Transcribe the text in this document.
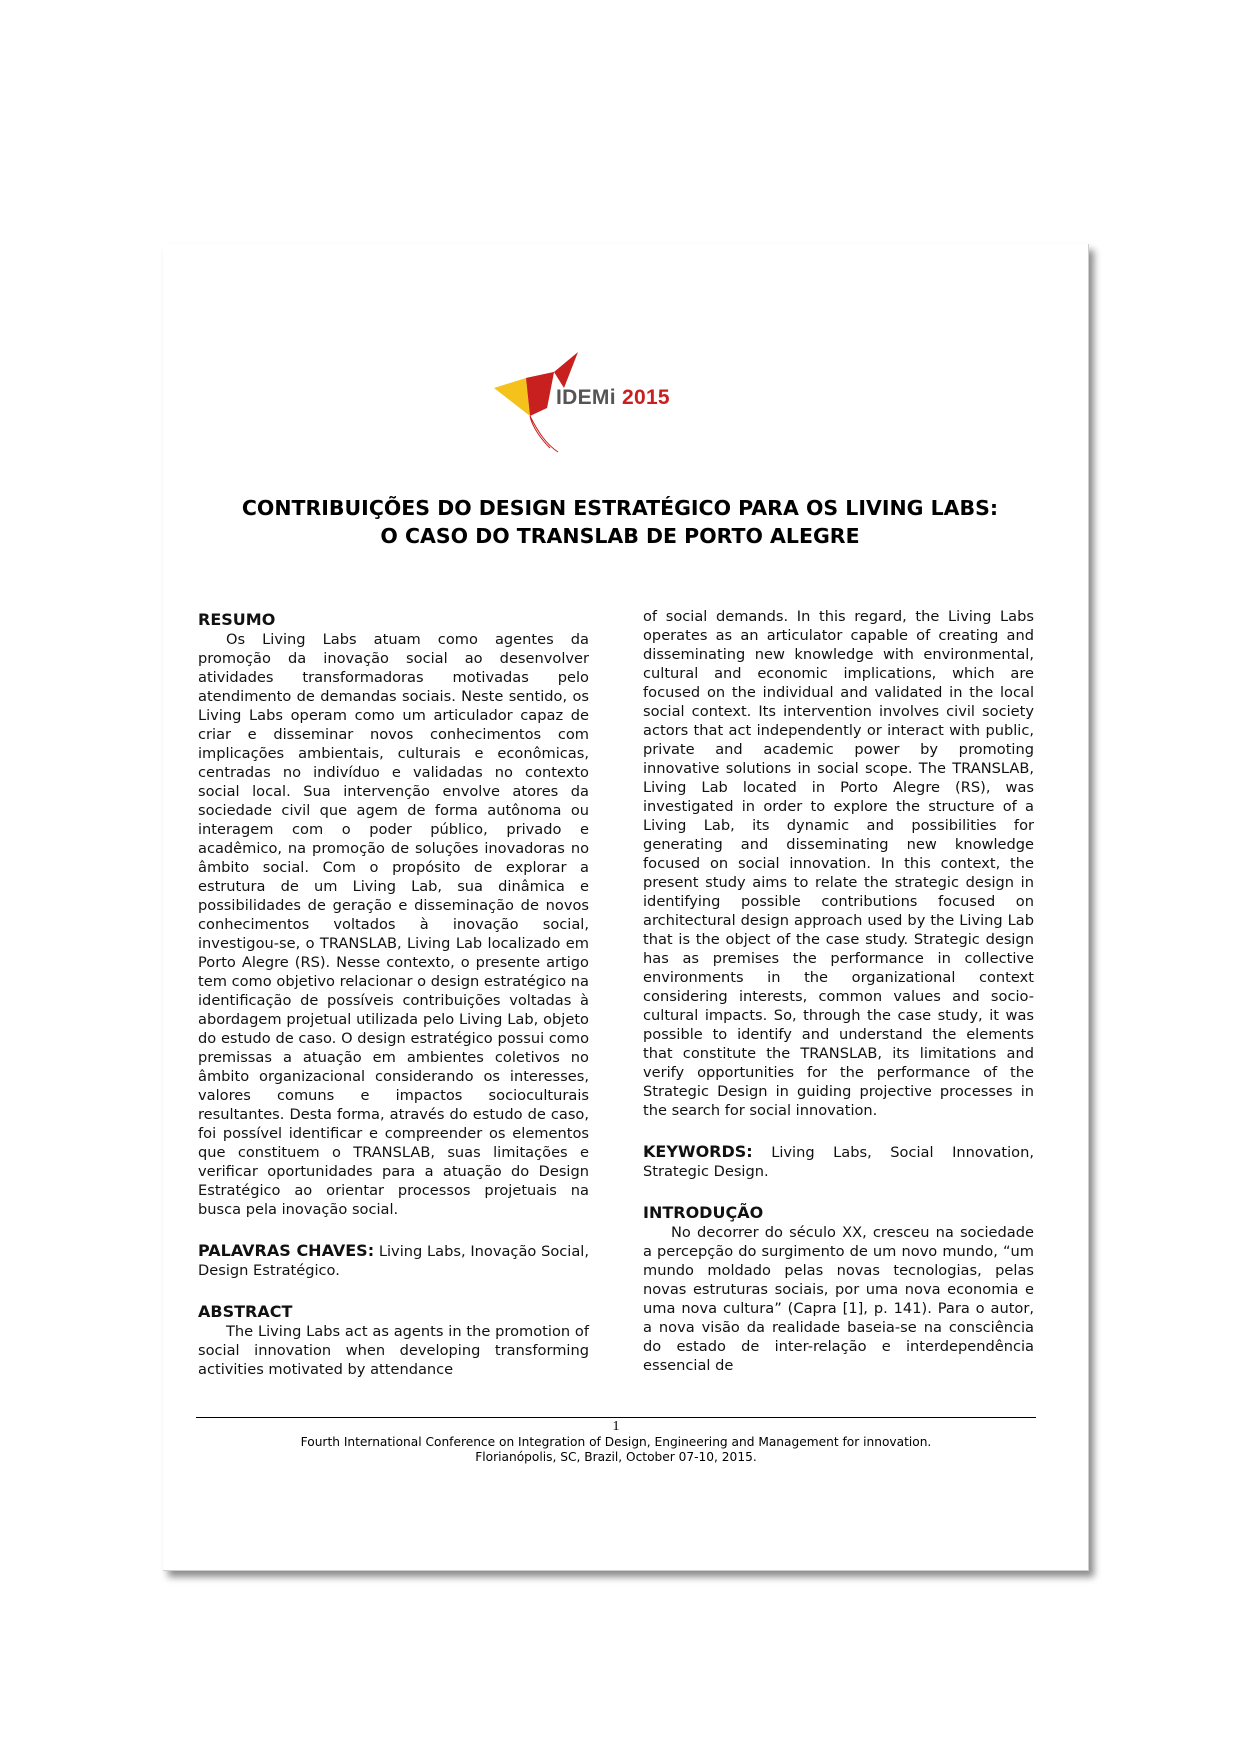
IDEMi 2015
CONTRIBUIÇÕES DO DESIGN ESTRATÉGICO PARA OS LIVING LABS:
O CASO DO TRANSLAB DE PORTO ALEGRE
RESUMO

Os Living Labs atuam como agentes da promoção da inovação social ao desenvolver atividades transformadoras motivadas pelo atendimento de demandas sociais. Neste sentido, os Living Labs operam como um articulador capaz de criar e disseminar novos conhecimentos com implicações ambientais, culturais e econômicas, centradas no indivíduo e validadas no contexto social local. Sua intervenção envolve atores da sociedade civil que agem de forma autônoma ou interagem com o poder público, privado e acadêmico, na promoção de soluções inovadoras no âmbito social. Com o propósito de explorar a estrutura de um Living Lab, sua dinâmica e possibilidades de geração e disseminação de novos conhecimentos voltados à inovação social, investigou-se, o TRANSLAB, Living Lab localizado em Porto Alegre (RS). Nesse contexto, o presente artigo tem como objetivo relacionar o design estratégico na identificação de possíveis contribuições voltadas à abordagem projetual utilizada pelo Living Lab, objeto do estudo de caso. O design estratégico possui como premissas a atuação em ambientes coletivos no âmbito organizacional considerando os interesses, valores comuns e impactos socioculturais resultantes. Desta forma, através do estudo de caso, foi possível identificar e compreender os elementos que constituem o TRANSLAB, suas limitações e verificar oportunidades para a atuação do Design Estratégico ao orientar processos projetuais na busca pela inovação social.

PALAVRAS CHAVES: Living Labs, Inovação Social, Design Estratégico.

ABSTRACT

The Living Labs act as agents in the promotion of social innovation when developing transforming activities motivated by attendance

of social demands. In this regard, the Living Labs operates as an articulator capable of creating and disseminating new knowledge with environmental, cultural and economic implications, which are focused on the individual and validated in the local social context. Its intervention involves civil society actors that act independently or interact with public, private and academic power by promoting innovative solutions in social scope. The TRANSLAB, Living Lab located in Porto Alegre (RS), was investigated in order to explore the structure of a Living Lab, its dynamic and possibilities for generating and disseminating new knowledge focused on social innovation. In this context, the present study aims to relate the strategic design in identifying possible contributions focused on architectural design approach used by the Living Lab that is the object of the case study. Strategic design has as premises the performance in collective environments in the organizational context considering interests, common values and socio-cultural impacts. So, through the case study, it was possible to identify and understand the elements that constitute the TRANSLAB, its limitations and verify opportunities for the performance of the Strategic Design in guiding projective processes in the search for social innovation.

KEYWORDS: Living Labs, Social Innovation, Strategic Design.

INTRODUÇÃO

No decorrer do século XX, cresceu na sociedade a percepção do surgimento de um novo mundo, “um mundo moldado pelas novas tecnologias, pelas novas estruturas sociais, por uma nova economia e uma nova cultura” (Capra [1], p. 141). Para o autor, a nova visão da realidade baseia-se na consciência do estado de inter-relação e interdependência essencial de

1
Fourth International Conference on Integration of Design, Engineering and Management for innovation.
Florianópolis, SC, Brazil, October 07-10, 2015.
